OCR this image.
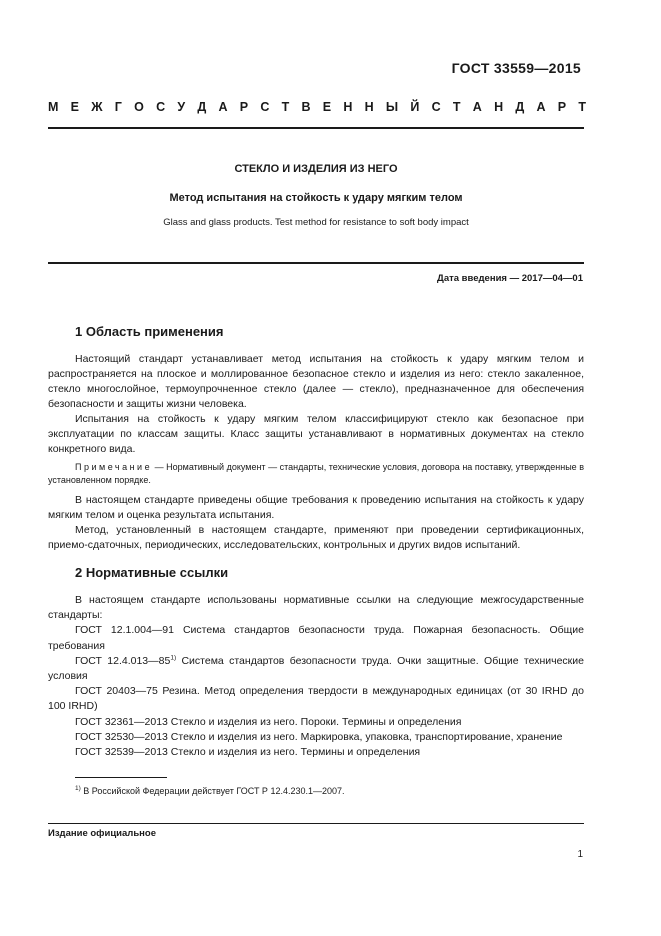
ГОСТ 33559—2015
М Е Ж Г О С У Д А Р С Т В Е Н Н Ы Й С Т А Н Д А Р Т
СТЕКЛО И ИЗДЕЛИЯ ИЗ НЕГО
Метод испытания на стойкость к удару мягким телом
Glass and glass products. Test method for resistance to soft body impact
Дата введения — 2017—04—01
1 Область применения

Настоящий стандарт устанавливает метод испытания на стойкость к удару мягким телом и распространяется на плоское и моллированное безопасное стекло и изделия из него: стекло закаленное, стекло многослойное, термоупрочненное стекло (далее — стекло), предназначенное для обеспечения безопасности и защиты жизни человека.

Испытания на стойкость к удару мягким телом классифицируют стекло как безопасное при эксплуатации по классам защиты. Класс защиты устанавливают в нормативных документах на стекло конкретного вида.

Примечание — Нормативный документ — стандарты, технические условия, договора на поставку, утвержденные в установленном порядке.

В настоящем стандарте приведены общие требования к проведению испытания на стойкость к удару мягким телом и оценка результата испытания.

Метод, установленный в настоящем стандарте, применяют при проведении сертификационных, приемо-сдаточных, периодических, исследовательских, контрольных и других видов испытаний.

2 Нормативные ссылки

В настоящем стандарте использованы нормативные ссылки на следующие межгосударственные стандарты:

ГОСТ 12.1.004—91 Система стандартов безопасности труда. Пожарная безопасность. Общие требования

ГОСТ 12.4.013—85$^{1)}$ Система стандартов безопасности труда. Очки защитные. Общие технические условия

ГОСТ 20403—75 Резина. Метод определения твердости в международных единицах (от 30 IRHD до 100 IRHD)

ГОСТ 32361—2013 Стекло и изделия из него. Пороки. Термины и определения

ГОСТ 32530—2013 Стекло и изделия из него. Маркировка, упаковка, транспортирование, хранение

ГОСТ 32539—2013 Стекло и изделия из него. Термины и определения

$^{1)}$ В Российской Федерации действует ГОСТ Р 12.4.230.1—2007.
Издание официальное
1
